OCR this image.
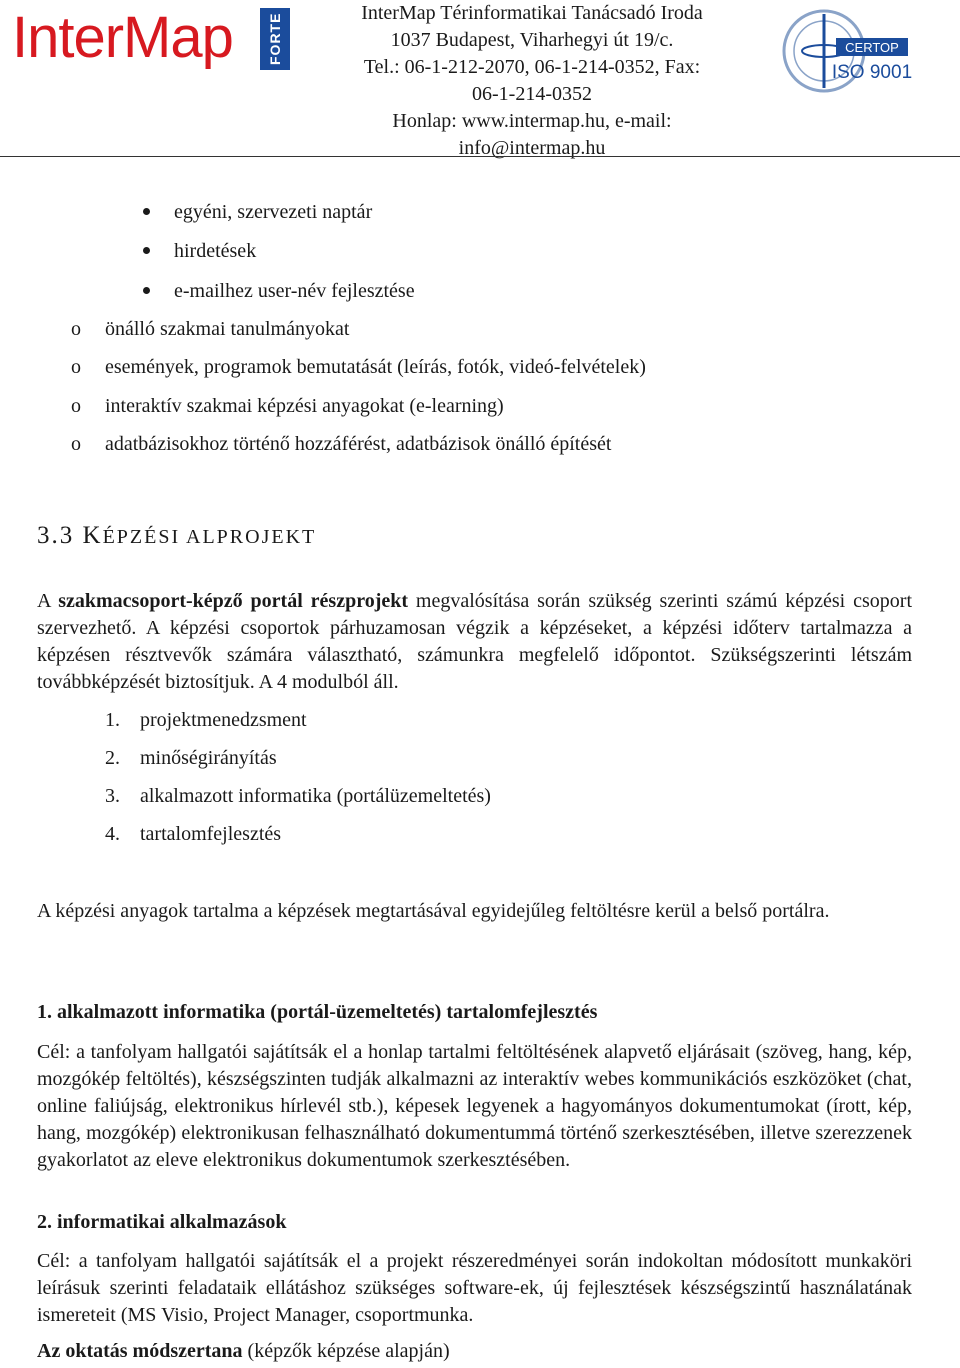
InterMap	FORTE	InterMap Térinformatikai Tanácsadó Iroda
1037 Budapest, Viharhegyi út 19/c.
Tel.: 06-1-212-2070, 06-1-214-0352, Fax:
06-1-214-0352
Honlap: www.intermap.hu, e-mail:
info@intermap.hu
CERTOP
ISO 9001
egyéni, szervezeti naptár
hirdetések
e-mailhez user-név fejlesztése
o önálló szakmai tanulmányokat
o események, programok bemutatását (leírás, fotók, videó-felvételek)
o interaktív szakmai képzési anyagokat (e-learning)
o adatbázisokhoz történő hozzáférést, adatbázisok önálló építését
3.3 KÉPZÉSI ALPROJEKT
A szakmacsoport-képző portál részprojekt megvalósítása során szükség szerinti számú képzési csoport szervezhető. A képzési csoportok párhuzamosan végzik a képzéseket, a képzési időterv tartalmazza a képzésen résztvevők számára választható, számunkra megfelelő időpontot. Szükségszerinti létszám továbbképzését biztosítjuk. A 4 modulból áll.
1. projektmenedzsment
2. minőségirányítás
3. alkalmazott informatika (portálüzemeltetés)
4. tartalomfejlesztés
A képzési anyagok tartalma a képzések megtartásával egyidejűleg feltöltésre kerül a belső portálra.
1. alkalmazott informatika (portál-üzemeltetés) tartalomfejlesztés
Cél: a tanfolyam hallgatói sajátítsák el a honlap tartalmi feltöltésének alapvető eljárásait (szöveg, hang, kép, mozgókép feltöltés), készségszinten tudják alkalmazni az interaktív webes kommunikációs eszközöket (chat, online faliújság, elektronikus hírlevél stb.), képesek legyenek a hagyományos dokumentumokat (írott, kép, hang, mozgókép) elektronikusan felhasználható dokumentummá történő szerkesztésében, illetve szerezzenek gyakorlatot az eleve elektronikus dokumentumok szerkesztésében.
2. informatikai alkalmazások
Cél: a tanfolyam hallgatói sajátítsák el a projekt részeredményei során indokoltan módosított munkaköri leírásuk szerinti feladataik ellátáshoz szükséges software-ek, új fejlesztések készségszintű használatának ismereteit (MS Visio, Project Manager, csoportmunka.
Az oktatás módszertana (képzők képzése alapján)
